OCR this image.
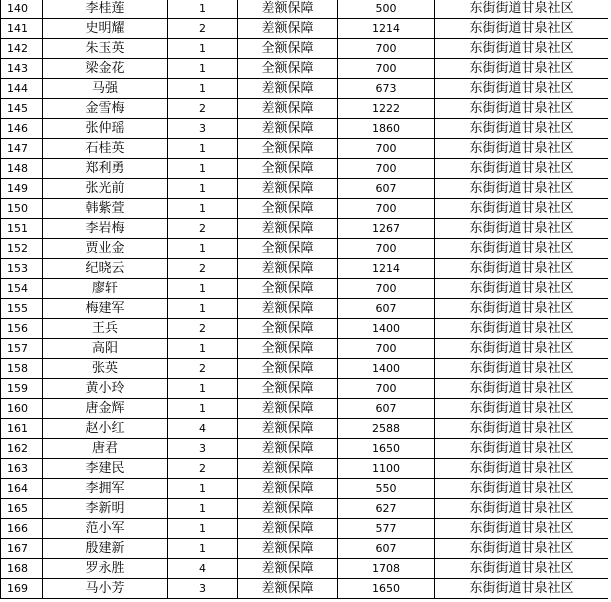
140	李桂莲	1	差额保障	500	东街街道甘泉社区
141	史明耀	2	差额保障	1214	东街街道甘泉社区
142	朱玉英	1	全额保障	700	东街街道甘泉社区
143	梁金花	1	全额保障	700	东街街道甘泉社区
144	马强	1	差额保障	673	东街街道甘泉社区
145	金雪梅	2	差额保障	1222	东街街道甘泉社区
146	张仲瑶	3	差额保障	1860	东街街道甘泉社区
147	石桂英	1	全额保障	700	东街街道甘泉社区
148	郑利勇	1	全额保障	700	东街街道甘泉社区
149	张光前	1	差额保障	607	东街街道甘泉社区
150	韩紫萱	1	全额保障	700	东街街道甘泉社区
151	李岩梅	2	差额保障	1267	东街街道甘泉社区
152	贾业金	1	全额保障	700	东街街道甘泉社区
153	纪晓云	2	差额保障	1214	东街街道甘泉社区
154	廖轩	1	全额保障	700	东街街道甘泉社区
155	梅建军	1	差额保障	607	东街街道甘泉社区
156	王兵	2	全额保障	1400	东街街道甘泉社区
157	高阳	1	全额保障	700	东街街道甘泉社区
158	张英	2	全额保障	1400	东街街道甘泉社区
159	黄小玲	1	全额保障	700	东街街道甘泉社区
160	唐金辉	1	差额保障	607	东街街道甘泉社区
161	赵小红	4	差额保障	2588	东街街道甘泉社区
162	唐君	3	差额保障	1650	东街街道甘泉社区
163	李建民	2	差额保障	1100	东街街道甘泉社区
164	李拥军	1	差额保障	550	东街街道甘泉社区
165	李新明	1	差额保障	627	东街街道甘泉社区
166	范小军	1	差额保障	577	东街街道甘泉社区
167	殷建新	1	差额保障	607	东街街道甘泉社区
168	罗永胜	4	差额保障	1708	东街街道甘泉社区
169	马小芳	3	差额保障	1650	东街街道甘泉社区
